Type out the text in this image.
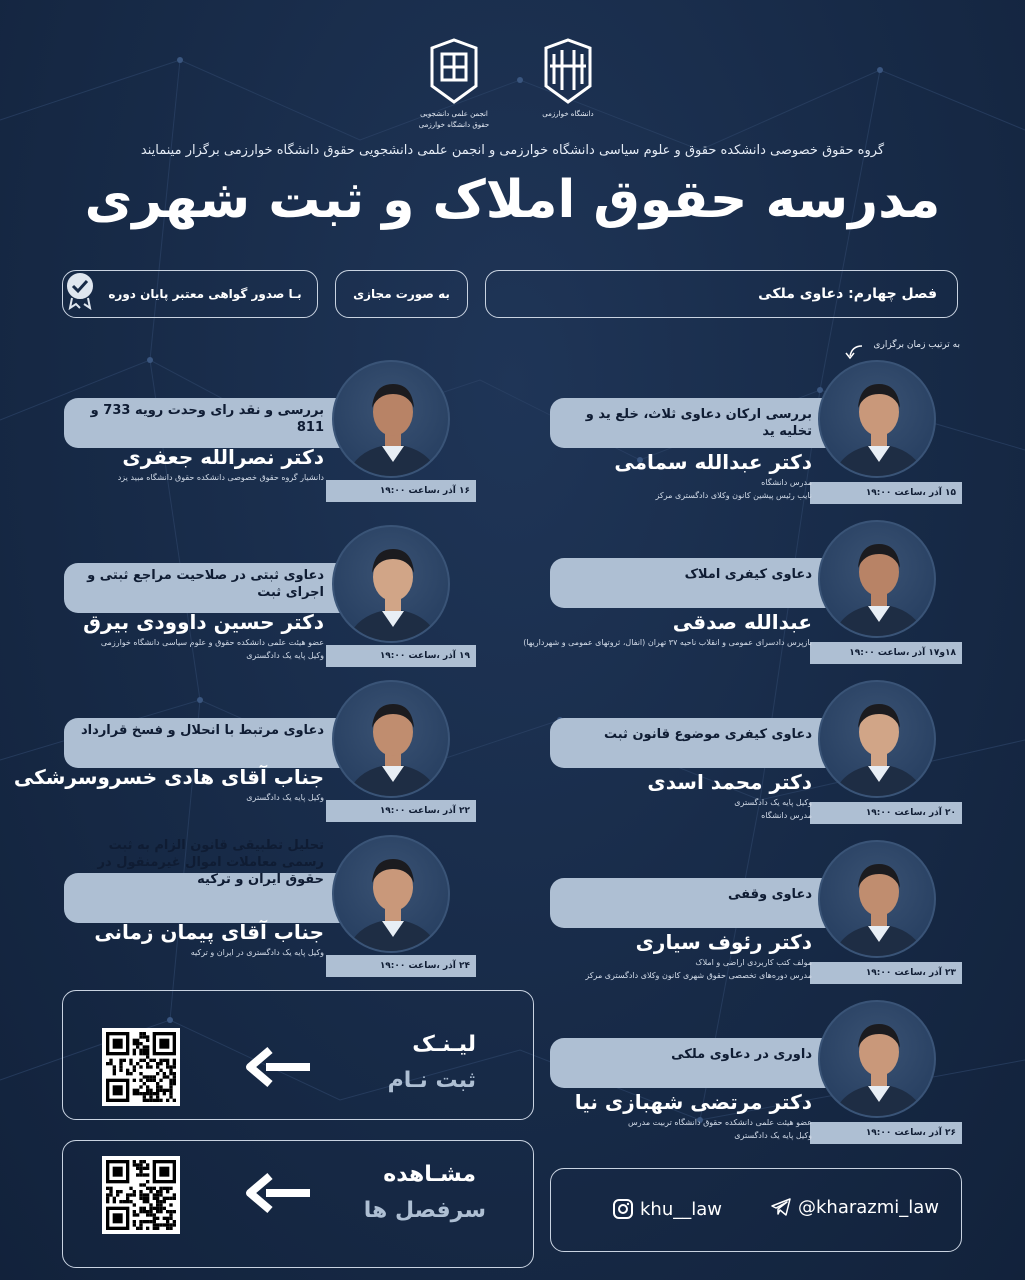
دانشگاه خوارزمی
انجمن علمی دانشجویی
حقوق دانشگاه خوارزمی
گروه حقوق خصوصی دانشکده حقوق و علوم سیاسی دانشگاه خوارزمی و انجمن علمی دانشجویی حقوق دانشگاه خوارزمی برگزار مینمایند
مدرسه حقوق املاک و ثبت شهری
فصل چهارم: دعاوی ملکی
به صورت مجازی
بـا صدور گواهی معتبر پایان دوره
به ترتیب زمان برگزاری
بررسی ارکان دعاوی ثلاث، خلع ید و تخلیه ید
دکتر عبدالله سمامی
مدرس دانشگاه
نایب رئیس پیشین کانون وکلای دادگستری مرکز	۱۵ آذر ،ساعت ۱۹:۰۰
دعاوی کیفری املاک
عبدالله صدقی
بازپرس دادسرای عمومی و انقلاب ناحیه ۳۷ تهران (انفال، ثروتهای عمومی و شهرداریها)
۱۸و۱۷ آذر ،ساعت ۱۹:۰۰
دعاوی کیفری موضوع قانون ثبت
دکتر محمد اسدی
وکیل پایه یک دادگستری
مدرس دانشگاه	۲۰ آذر ،ساعت ۱۹:۰۰
دعاوی وقفی
دکتر رئوف سیاری
مولف کتب کاربردی اراضی و املاک
مدرس دوره‌های تخصصی حقوق شهری کانون وکلای دادگستری مرکز	۲۳ آذر ،ساعت ۱۹:۰۰
داوری در دعاوی ملکی
دکتر مرتضی شهبازی نیا
عضو هیئت علمی دانشکده حقوق دانشگاه تربیت مدرس
وکیل پایه یک دادگستری	۲۶ آذر ،ساعت ۱۹:۰۰
بررسی و نقد رای وحدت رویه 733 و 811
دکتر نصرالله جعفری
دانشیار گروه حقوق خصوصی دانشکده حقوق دانشگاه مبید یزد
۱۶ آذر ،ساعت ۱۹:۰۰
دعاوی ثبتی در صلاحیت مراجع ثبتی و اجرای ثبت
دکتر حسین داوودی بیرق
عضو هیئت علمی دانشکده حقوق و علوم سیاسی دانشگاه خوارزمی
وکیل پایه یک دادگستری	۱۹ آذر ،ساعت ۱۹:۰۰
دعاوی مرتبط با انحلال و فسخ قرارداد
جناب آقای هادی خسروسرشکی
وکیل پایه یک دادگستری
۲۲ آذر ،ساعت ۱۹:۰۰
تحلیل تطبیقی قانون الزام به ثبت رسمی معاملات اموال غیرمنقول در حقوق ایران و ترکیه
جناب آقای پیمان زمانی
وکیل پایه یک دادگستری در ایران و ترکیه
۲۴ آذر ،ساعت ۱۹:۰۰
لیـنـک
ثبت نـام
مشـاهده
سرفصل ها	khu__law	@kharazmi_law
